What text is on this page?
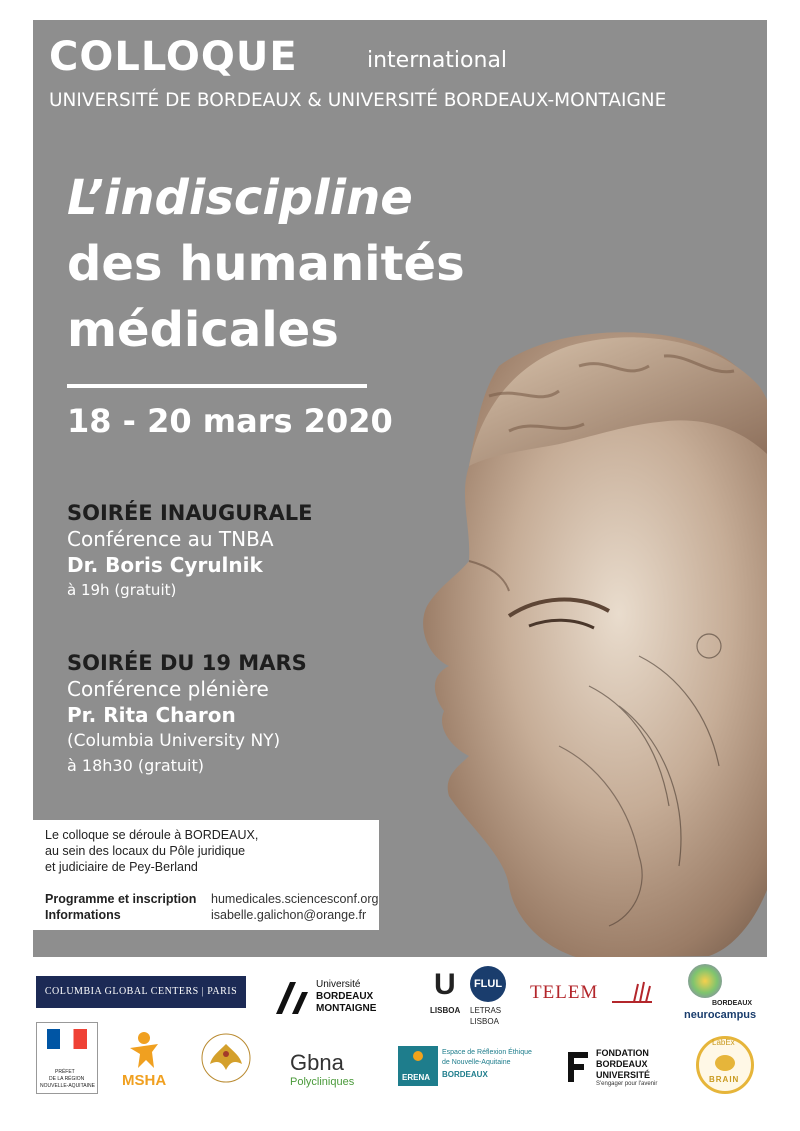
COLLOQUE	international
UNIVERSITÉ DE BORDEAUX & UNIVERSITÉ BORDEAUX-MONTAIGNE
L’indiscipline
des humanités
médicales
18 - 20 mars 2020
SOIRÉE INAUGURALE
Conférence au TNBA
Dr. Boris Cyrulnik
à 19h (gratuit)
SOIRÉE DU 19 MARS
Conférence plénière
Pr. Rita Charon
(Columbia University NY)
à 18h30 (gratuit)
Le colloque se déroule à BORDEAUX,
au sein des locaux du Pôle juridique
et judiciaire de Pey-Berland
Programme et inscription humedicales.sciencesconf.org
Informations	isabelle.galichon@orange.fr
COLUMBIA GLOBAL CENTERS | PARIS
Université
BORDEAUX
MONTAIGNE
U
LISBOA
FLUL
LETRAS
LISBOA
TELEM
BORDEAUX
neurocampus
PRÉFET
DE LA RÉGION
NOUVELLE-AQUITAINE MSHA
Gbna
Polycliniques	ERENA
Espace de Réflexion Éthique
de Nouvelle-Aquitaine
BORDEAUX
FONDATION
BORDEAUX
UNIVERSITÉ
S'engager pour l'avenir
LabEx
BRAIN
